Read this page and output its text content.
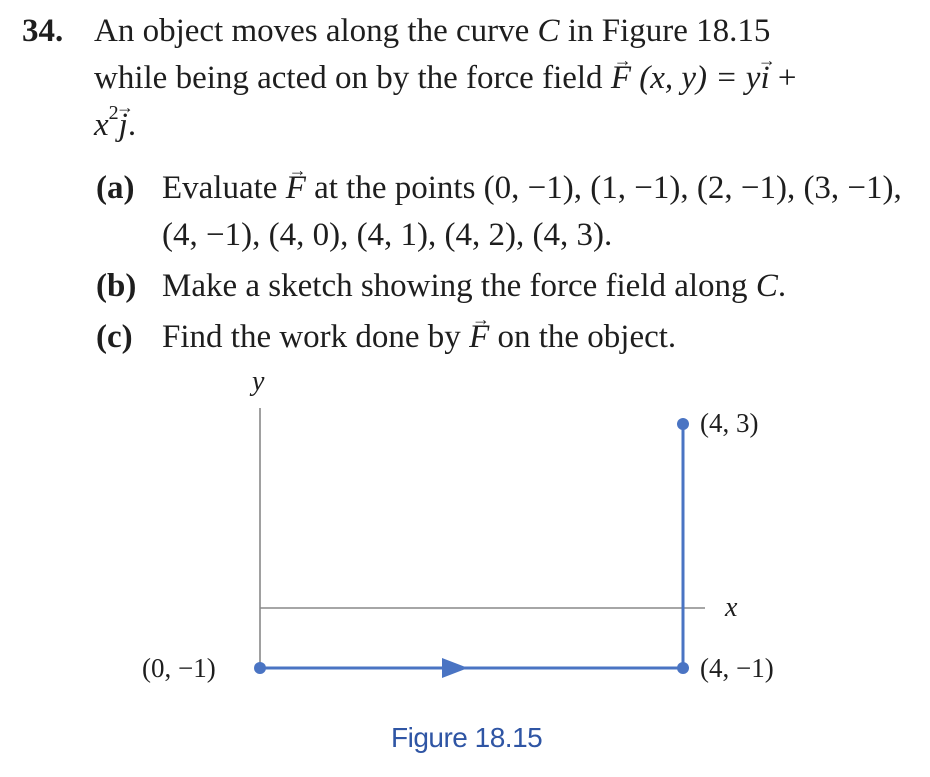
34. An object moves along the curve C in Figure 18.15
while being acted on by the force field → F (x, y) = y→ i +
$x^2\to j$.
(a) Evaluate → F at the points (0, −1), (1, −1), (2, −1), (3, −1), (4, −1), (4, 0), (4, 1), (4, 2), (4, 3).
(b) Make a sketch showing the force field along C.
(c) Find the work done by → F on the object.
y
x
(0, −1)	(4, −1)
(4, 3)
Figure 18.15
